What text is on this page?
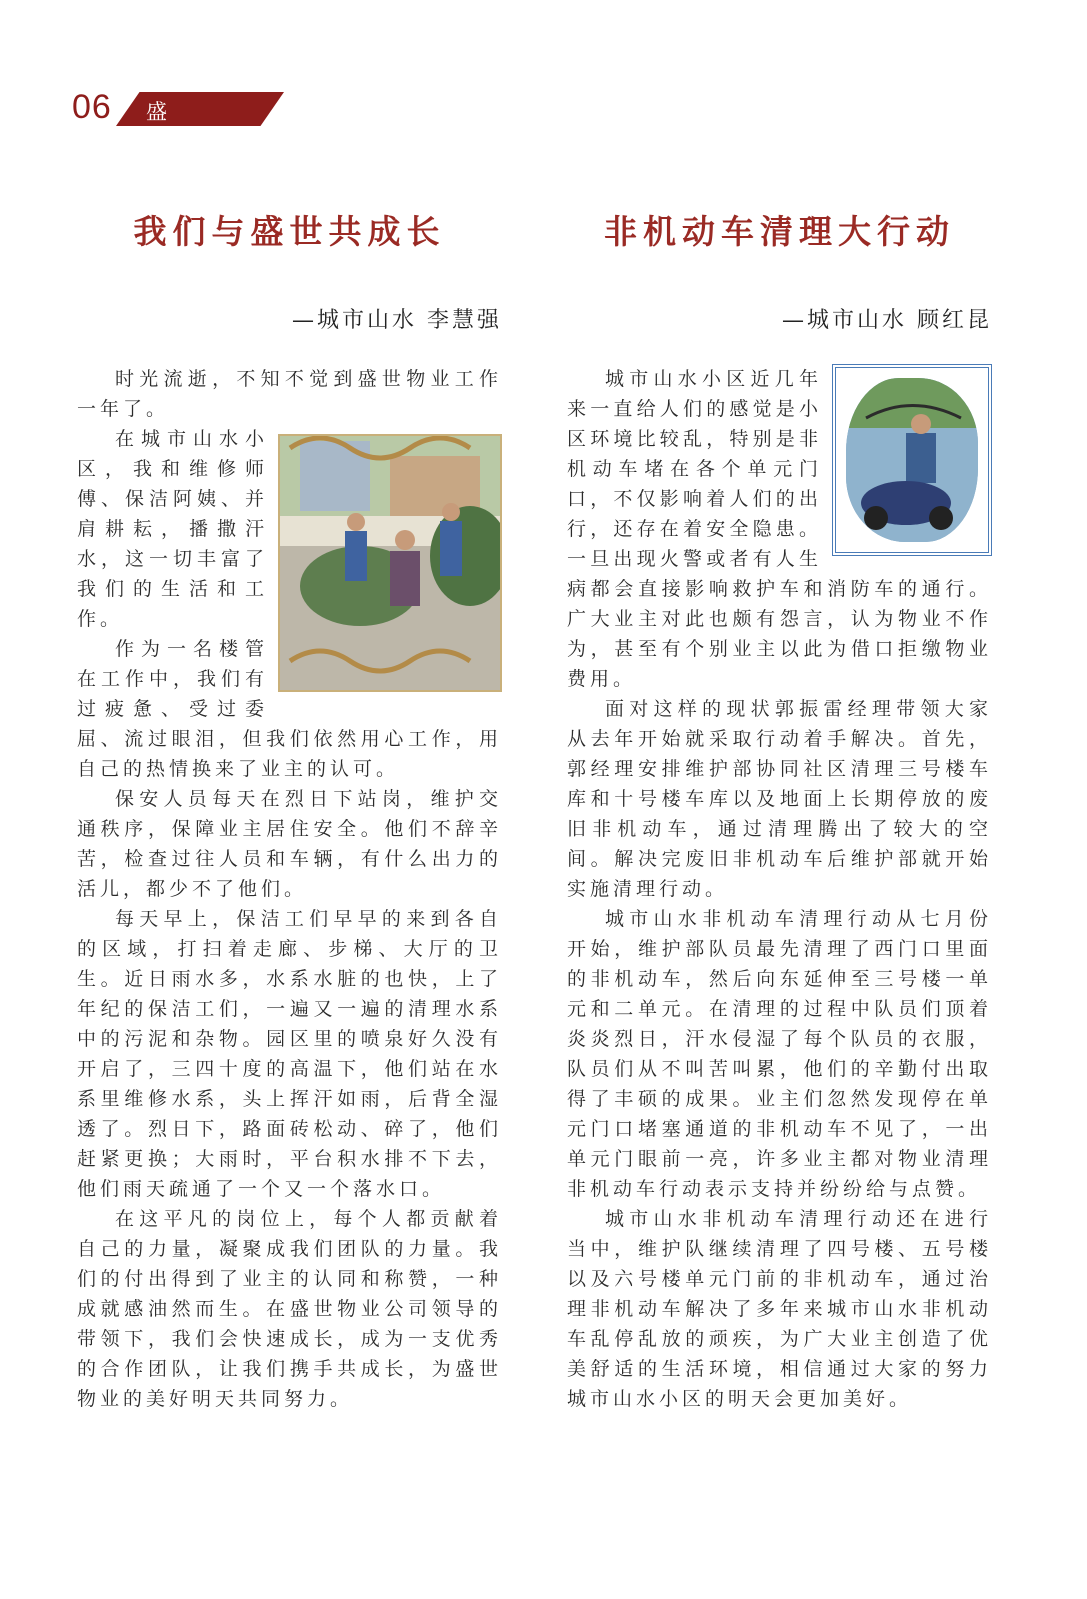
06 盛世物业
我们与盛世共成长
—城市山水 李慧强

时光流逝，不知不觉到盛世物业工作一年了。

在城市山水小区，我和维修师傅、保洁阿姨、并肩耕耘，播撒汗水，这一切丰富了我们的生活和工作。

作为一名楼管在工作中，我们有过疲惫、受过委屈、流过眼泪，但我们依然用心工作，用自己的热情换来了业主的认可。

保安人员每天在烈日下站岗，维护交通秩序，保障业主居住安全。他们不辞辛苦，检查过往人员和车辆，有什么出力的活儿，都少不了他们。

每天早上，保洁工们早早的来到各自的区域，打扫着走廊、步梯、大厅的卫生。近日雨水多，水系水脏的也快，上了年纪的保洁工们，一遍又一遍的清理水系中的污泥和杂物。园区里的喷泉好久没有开启了，三四十度的高温下，他们站在水系里维修水系，头上挥汗如雨，后背全湿透了。烈日下，路面砖松动、碎了，他们赶紧更换；大雨时，平台积水排不下去，他们雨天疏通了一个又一个落水口。

在这平凡的岗位上，每个人都贡献着自己的力量，凝聚成我们团队的力量。我们的付出得到了业主的认同和称赞，一种成就感油然而生。在盛世物业公司领导的带领下，我们会快速成长，成为一支优秀的合作团队，让我们携手共成长，为盛世物业的美好明天共同努力。

非机动车清理大行动
—城市山水 顾红昆

城市山水小区近几年来一直给人们的感觉是小区环境比较乱，特别是非机动车堵在各个单元门口，不仅影响着人们的出行，还存在着安全隐患。一旦出现火警或者有人生病都会直接影响救护车和消防车的通行。广大业主对此也颇有怨言，认为物业不作为，甚至有个别业主以此为借口拒缴物业费用。

面对这样的现状郭振雷经理带领大家从去年开始就采取行动着手解决。首先，郭经理安排维护部协同社区清理三号楼车库和十号楼车库以及地面上长期停放的废旧非机动车，通过清理腾出了较大的空间。解决完废旧非机动车后维护部就开始实施清理行动。

城市山水非机动车清理行动从七月份开始，维护部队员最先清理了西门口里面的非机动车，然后向东延伸至三号楼一单元和二单元。在清理的过程中队员们顶着炎炎烈日，汗水侵湿了每个队员的衣服，队员们从不叫苦叫累，他们的辛勤付出取得了丰硕的成果。业主们忽然发现停在单元门口堵塞通道的非机动车不见了，一出单元门眼前一亮，许多业主都对物业清理非机动车行动表示支持并纷纷给与点赞。

城市山水非机动车清理行动还在进行当中，维护队继续清理了四号楼、五号楼以及六号楼单元门前的非机动车，通过治理非机动车解决了多年来城市山水非机动车乱停乱放的顽疾，为广大业主创造了优美舒适的生活环境，相信通过大家的努力城市山水小区的明天会更加美好。
